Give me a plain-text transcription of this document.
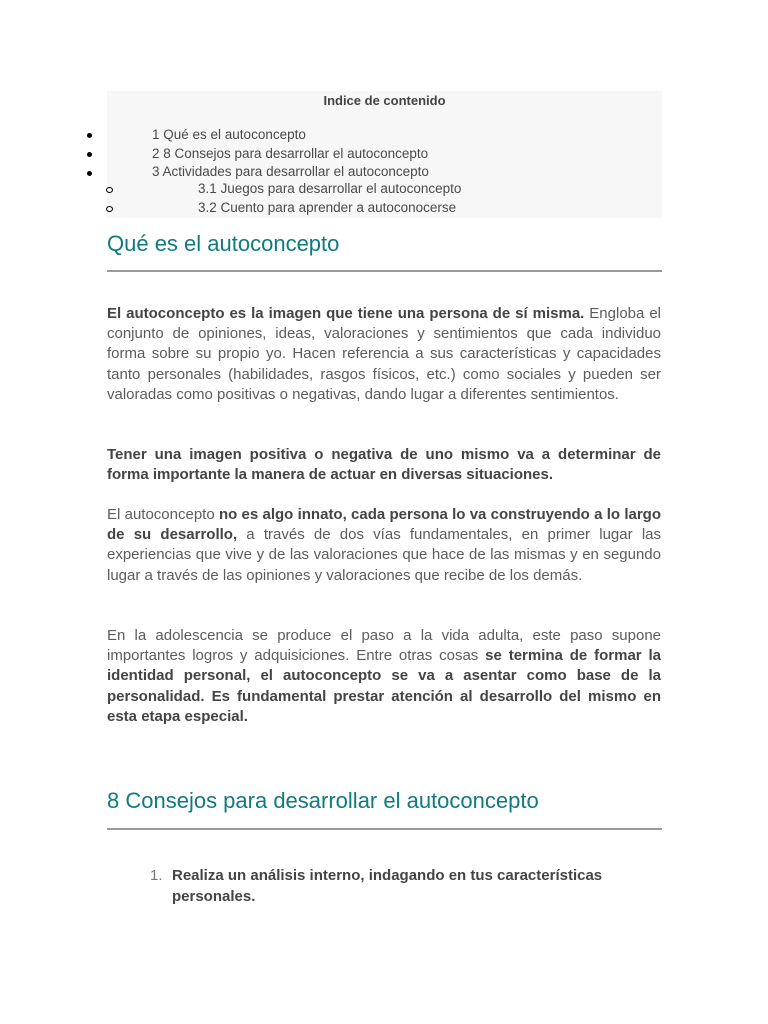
Indice de contenido
1 Qué es el autoconcepto
2 8 Consejos para desarrollar el autoconcepto
3 Actividades para desarrollar el autoconcepto
3.1 Juegos para desarrollar el autoconcepto
3.2 Cuento para aprender a autoconocerse
Qué es el autoconcepto

El autoconcepto es la imagen que tiene una persona de sí misma. Engloba el conjunto de opiniones, ideas, valoraciones y sentimientos que cada individuo forma sobre su propio yo. Hacen referencia a sus características y capacidades tanto personales (habilidades, rasgos físicos, etc.) como sociales y pueden ser valoradas como positivas o negativas, dando lugar a diferentes sentimientos.

Tener una imagen positiva o negativa de uno mismo va a determinar de forma importante la manera de actuar en diversas situaciones.

El autoconcepto no es algo innato, cada persona lo va construyendo a lo largo de su desarrollo, a través de dos vías fundamentales, en primer lugar las experiencias que vive y de las valoraciones que hace de las mismas y en segundo lugar a través de las opiniones y valoraciones que recibe de los demás.

En la adolescencia se produce el paso a la vida adulta, este paso supone importantes logros y adquisiciones. Entre otras cosas se termina de formar la identidad personal, el autoconcepto se va a asentar como base de la personalidad. Es fundamental prestar atención al desarrollo del mismo en esta etapa especial.

8 Consejos para desarrollar el autoconcepto
1. Realiza un análisis interno, indagando en tus características personales.
